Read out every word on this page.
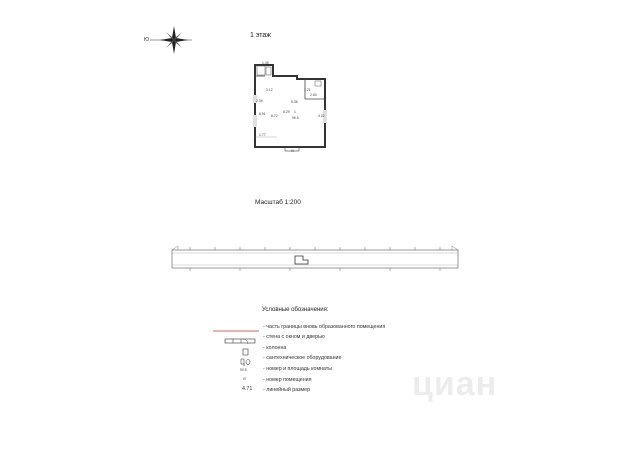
Ю
1 этаж
1.49
2.39
3.12
6.91
5.36
8.29
6.72
1
96.5
1.21
2.63
4.02
1.77
IV
Масштаб 1:200
Условные обозначения:
- часть границы вновь образованного помещения
- стена с окном и дверью
- колонна
- сантехническое оборудование
5
90.5	- номер и площадь комнаты
IV	- номер помещения
4.71 - линейный размер	циан
